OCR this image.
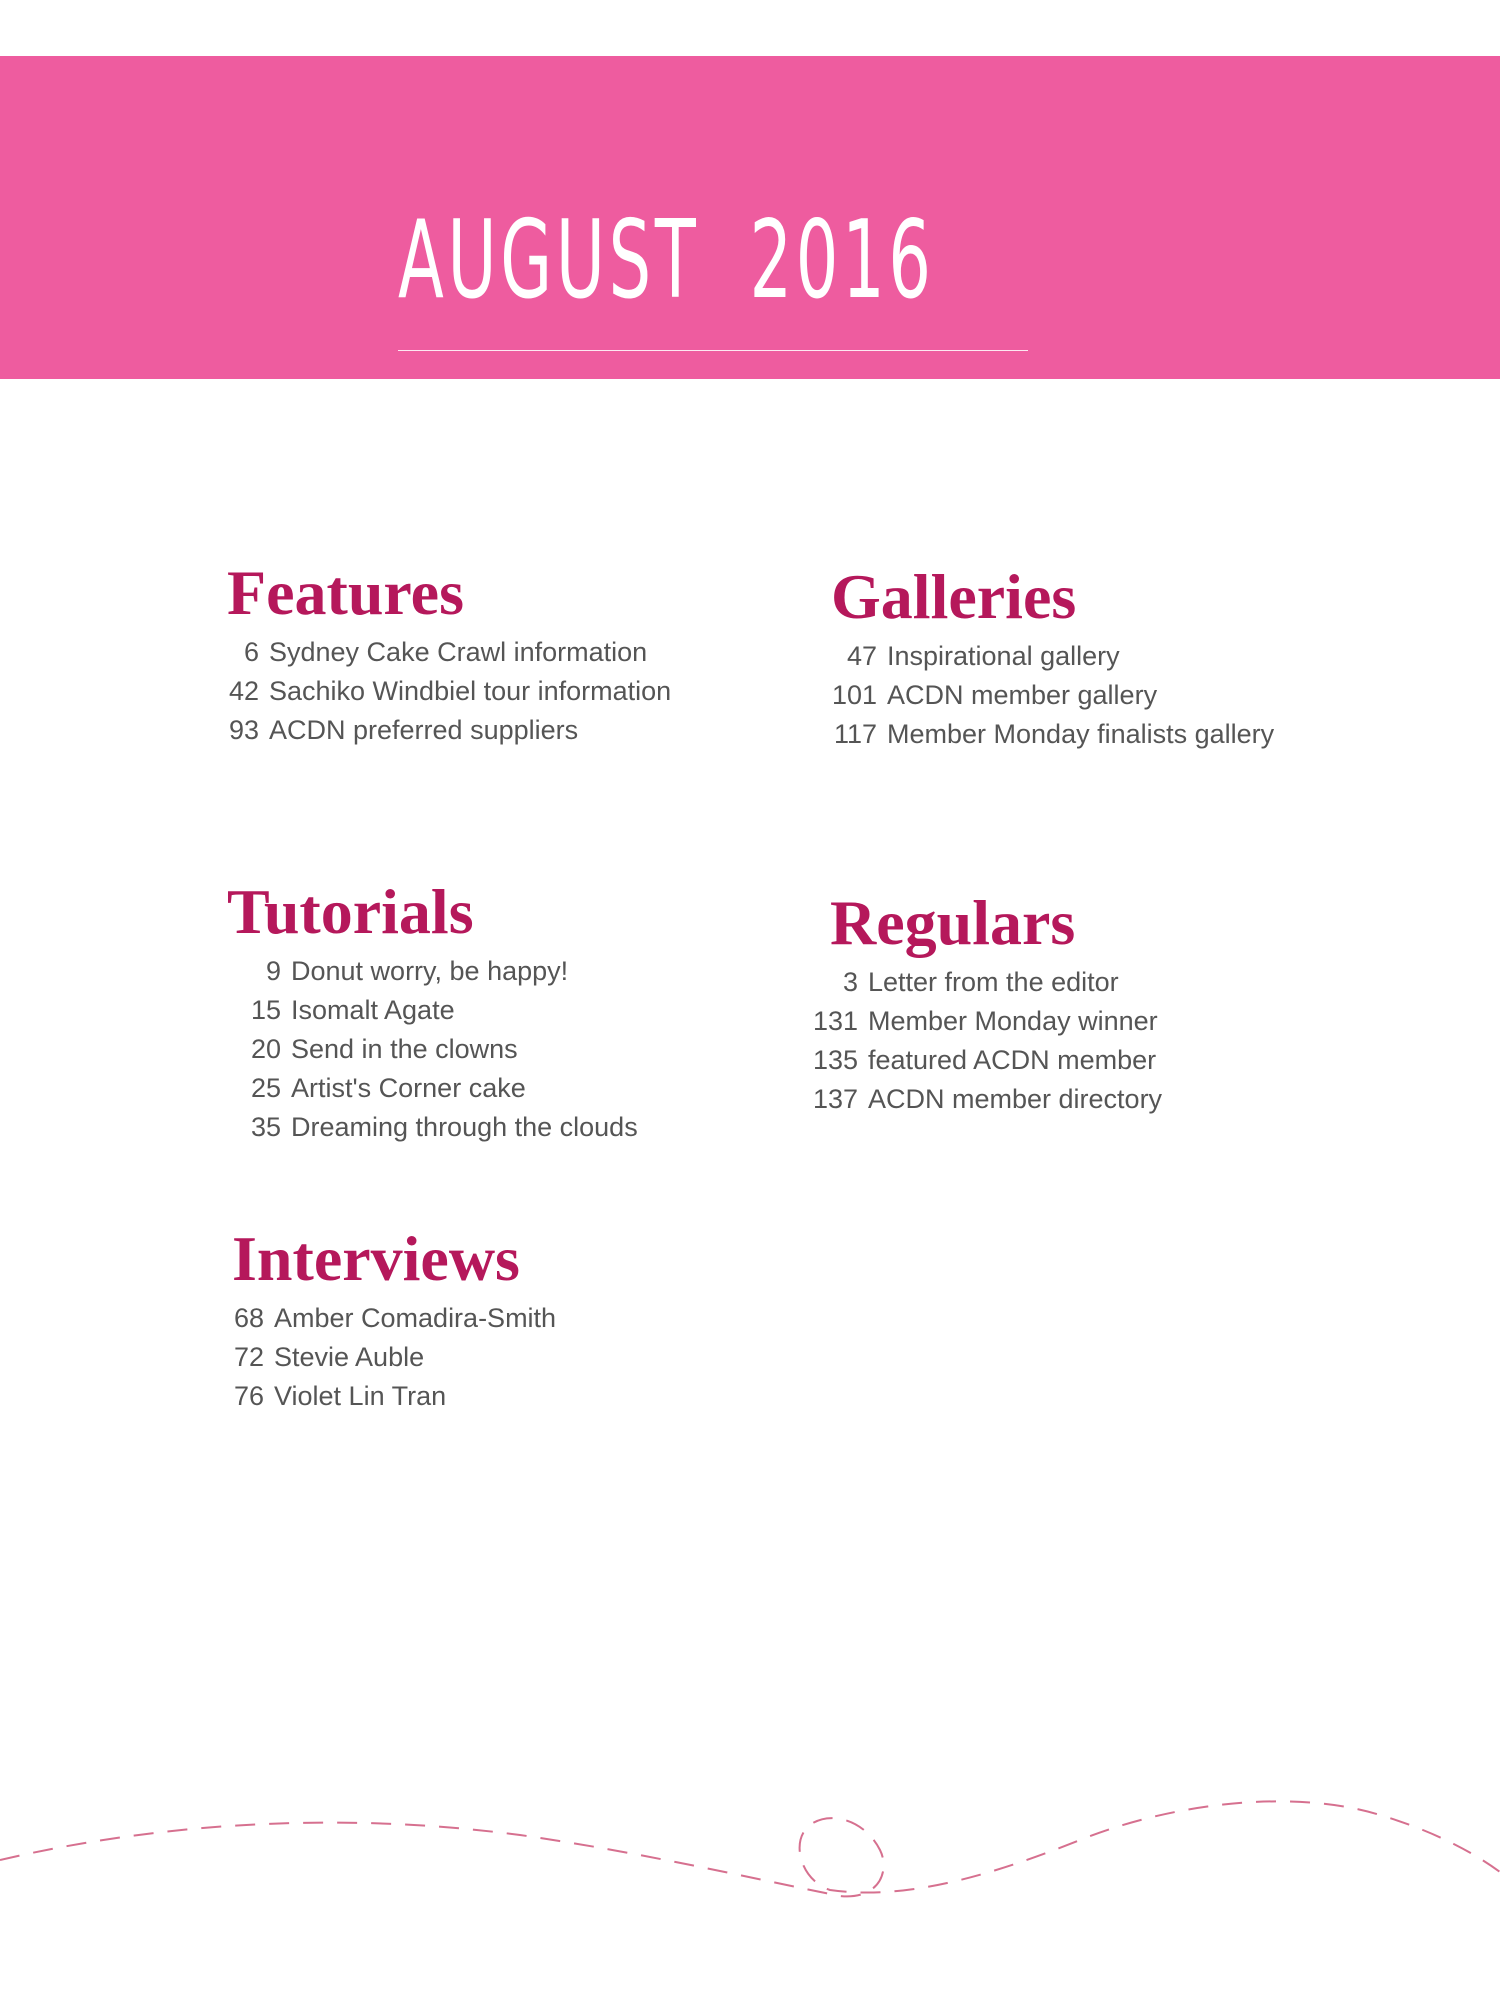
AUGUST  2016
Features
6 Sydney Cake Crawl information
42 Sachiko Windbiel tour information
93 ACDN preferred suppliers
Galleries
47 Inspirational gallery
101 ACDN member gallery
117 Member Monday finalists gallery
Tutorials
9 Donut worry, be happy!
15 Isomalt Agate
20 Send in the clowns
25 Artist's Corner cake
35 Dreaming through the clouds
Regulars
3 Letter from the editor
131 Member Monday winner
135 featured ACDN member
137 ACDN member directory
Interviews
68 Amber Comadira-Smith
72 Stevie Auble
76 Violet Lin Tran
